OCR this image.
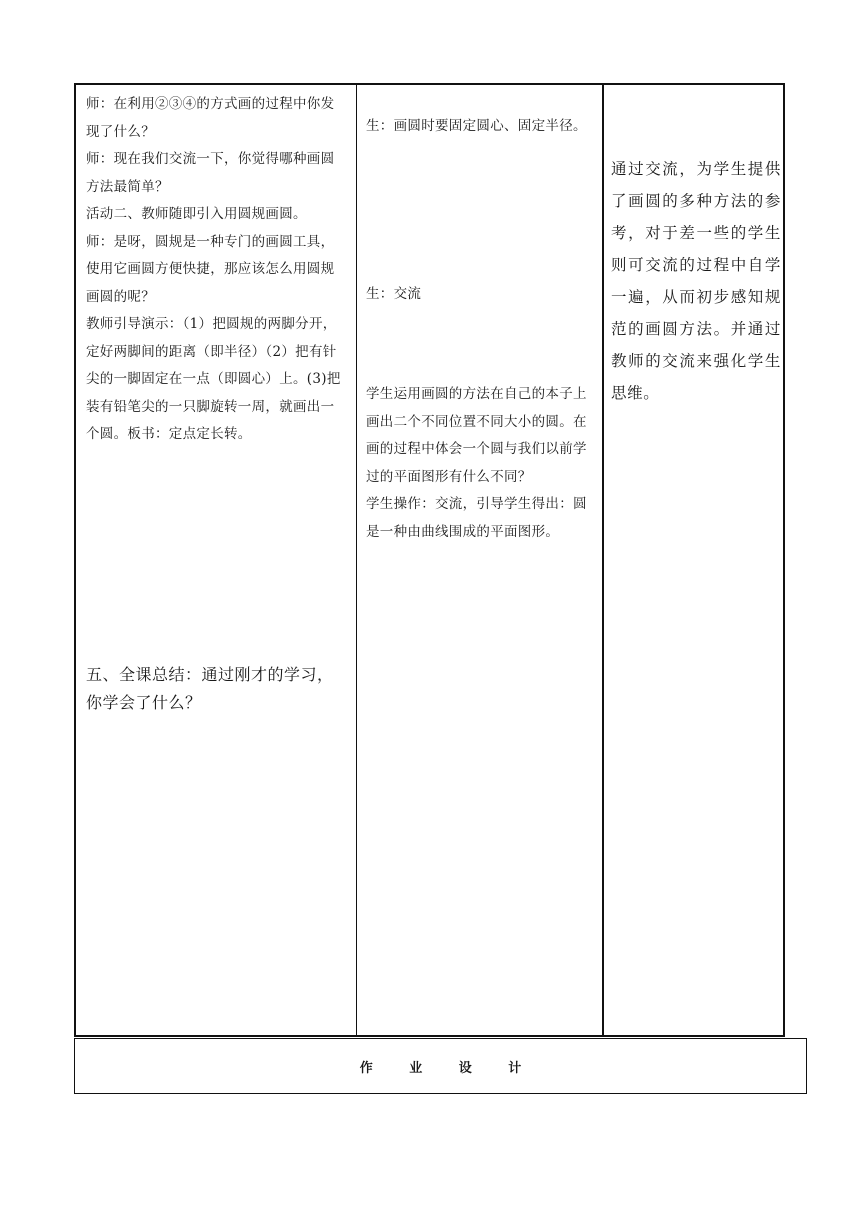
师：在利用②③④的方式画的过程中你发现了什么？

师：现在我们交流一下，你觉得哪种画圆方法最简单？

活动二、教师随即引入用圆规画圆。

师：是呀，圆规是一种专门的画圆工具，使用它画圆方便快捷，那应该怎么用圆规画圆的呢？

教师引导演示：（1）把圆规的两脚分开，定好两脚间的距离（即半径）（2）把有针尖的一脚固定在一点（即圆心）上。(3)把装有铅笔尖的一只脚旋转一周，就画出一个圆。板书：定点定长转。

五、全课总结：通过刚才的学习，你学会了什么？

生：画圆时要固定圆心、固定半径。

生：交流

学生运用画圆的方法在自己的本子上画出二个不同位置不同大小的圆。在画的过程中体会一个圆与我们以前学过的平面图形有什么不同？

学生操作：交流，引导学生得出：圆是一种由曲线围成的平面图形。

通过交流，为学生提供了画圆的多种方法的参考，对于差一些的学生则可交流的过程中自学一遍，从而初步感知规范的画圆方法。并通过教师的交流来强化学生思维。

作 业 设 计
